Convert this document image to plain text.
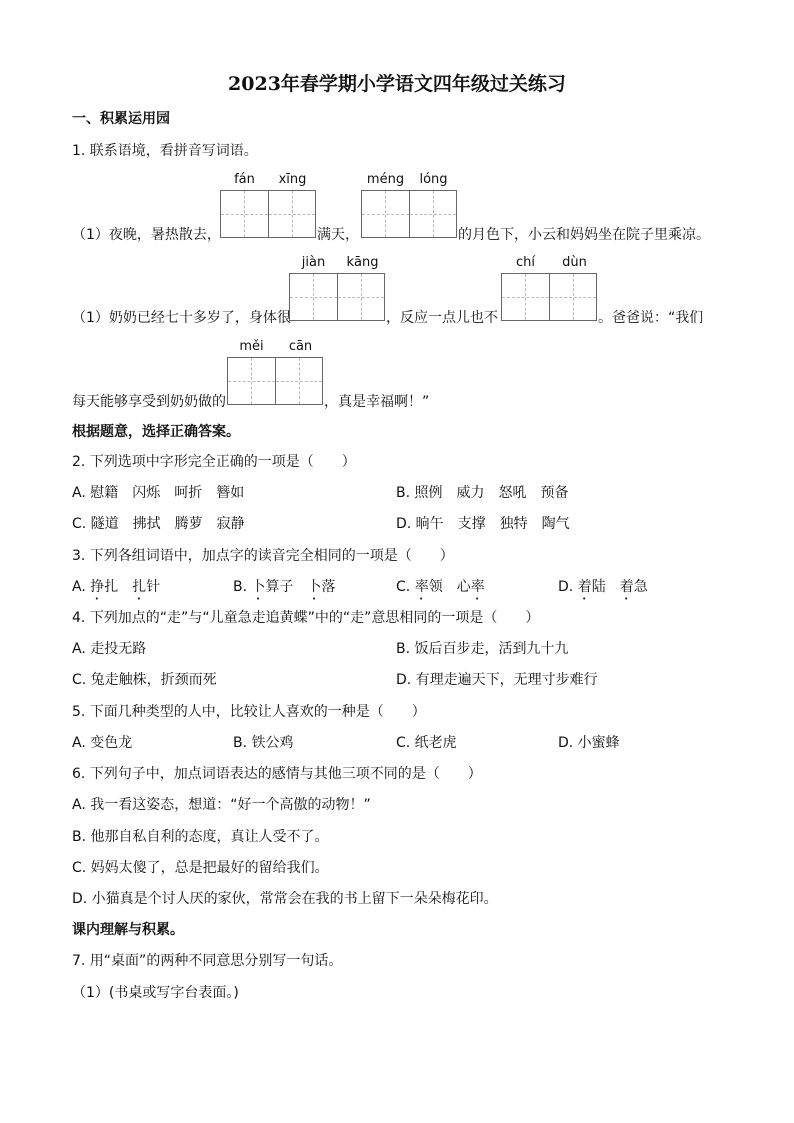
2023年春学期小学语文四年级过关练习
一、积累运用园
1. 联系语境，看拼音写词语。
fán	xīng	méng	lóng
（1）夜晚，暑热散去，	满天，	的月色下，小云和妈妈坐在院子里乘凉。
jiàn	kāng	chí	dùn
（1）奶奶已经七十多岁了，身体很	，反应一点儿也不	。爸爸说：“我们
měi	cān
每天能够享受到奶奶做的	，真是幸福啊！”
根据题意，选择正确答案。
2. 下列选项中字形完全正确的一项是（　　）
A. 慰籍　闪烁　呵折　簪如	B. 照例　威力　怒吼　预备
C. 隧道　拂拭　腾萝　寂静	D. 晌午　支撑　独特　陶气
3. 下列各组词语中，加点字的读音完全相同的一项是（　　）
A. 挣扎　 扎针	B. 卜算子　 卜落	C. 率领　 心率	D. 着陆　 着急
4. 下列加点的“走”与“儿童急走追黄蝶”中的“走”意思相同的一项是（　　）
A. 走投无路	B. 饭后百步走，活到九十九
C. 兔走触株，折颈而死	D. 有理走遍天下，无理寸步难行
5. 下面几种类型的人中，比较让人喜欢的一种是（　　）
A. 变色龙	B. 铁公鸡	C. 纸老虎	D. 小蜜蜂
6. 下列句子中，加点词语表达的感情与其他三项不同的是（　　）
A. 我一看这姿态，想道：“好一个高傲的动物！”
B. 他那自私自利的态度，真让人受不了。
C. 妈妈太傻了，总是把最好的留给我们。
D. 小猫真是个讨人厌的家伙，常常会在我的书上留下一朵朵梅花印。
课内理解与积累。
7. 用“桌面”的两种不同意思分别写一句话。
（1）(书桌或写字台表面。)
